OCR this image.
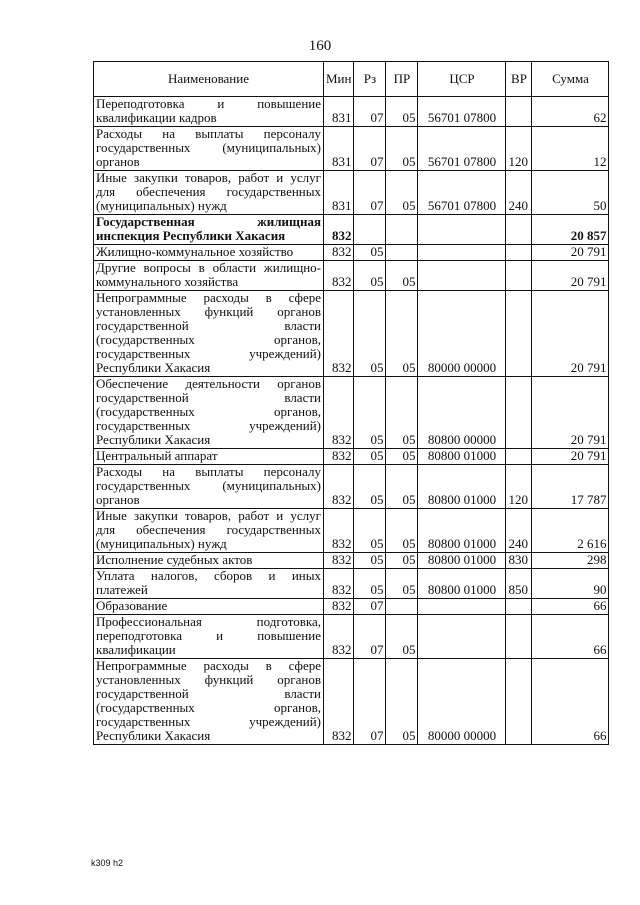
160
Наименование	Мин	Рз	ПР	ЦСР	ВР	Сумма
Переподготовка и повышение квалификации кадров	831	07	05	56701 07800		62
Расходы на выплаты персоналу государственных (муниципальных) органов	831	07	05	56701 07800	120	12
Иные закупки товаров, работ и услуг для обеспечения государственных (муниципальных) нужд	831	07	05	56701 07800	240	50
Государственная жилищная инспекция Республики Хакасия	832					20 857
Жилищно-коммунальное хозяйство	832	05				20 791
Другие вопросы в области жилищно-коммунального хозяйства	832	05	05			20 791
Непрограммные расходы в сфере установленных функций органов государственной власти (государственных органов, государственных учреждений) Республики Хакасия	832	05	05	80000 00000		20 791
Обеспечение деятельности органов государственной власти (государственных органов, государственных учреждений) Республики Хакасия	832	05	05	80800 00000		20 791
Центральный аппарат	832	05	05	80800 01000		20 791
Расходы на выплаты персоналу государственных (муниципальных) органов	832	05	05	80800 01000	120	17 787
Иные закупки товаров, работ и услуг для обеспечения государственных (муниципальных) нужд	832	05	05	80800 01000	240	2 616
Исполнение судебных актов	832	05	05	80800 01000	830	298
Уплата налогов, сборов и иных платежей	832	05	05	80800 01000	850	90
Образование	832	07				66
Профессиональная подготовка, переподготовка и повышение квалификации	832	07	05			66
Непрограммные расходы в сфере установленных функций органов государственной власти (государственных органов, государственных учреждений) Республики Хакасия	832	07	05	80000 00000		66
k309 h2
